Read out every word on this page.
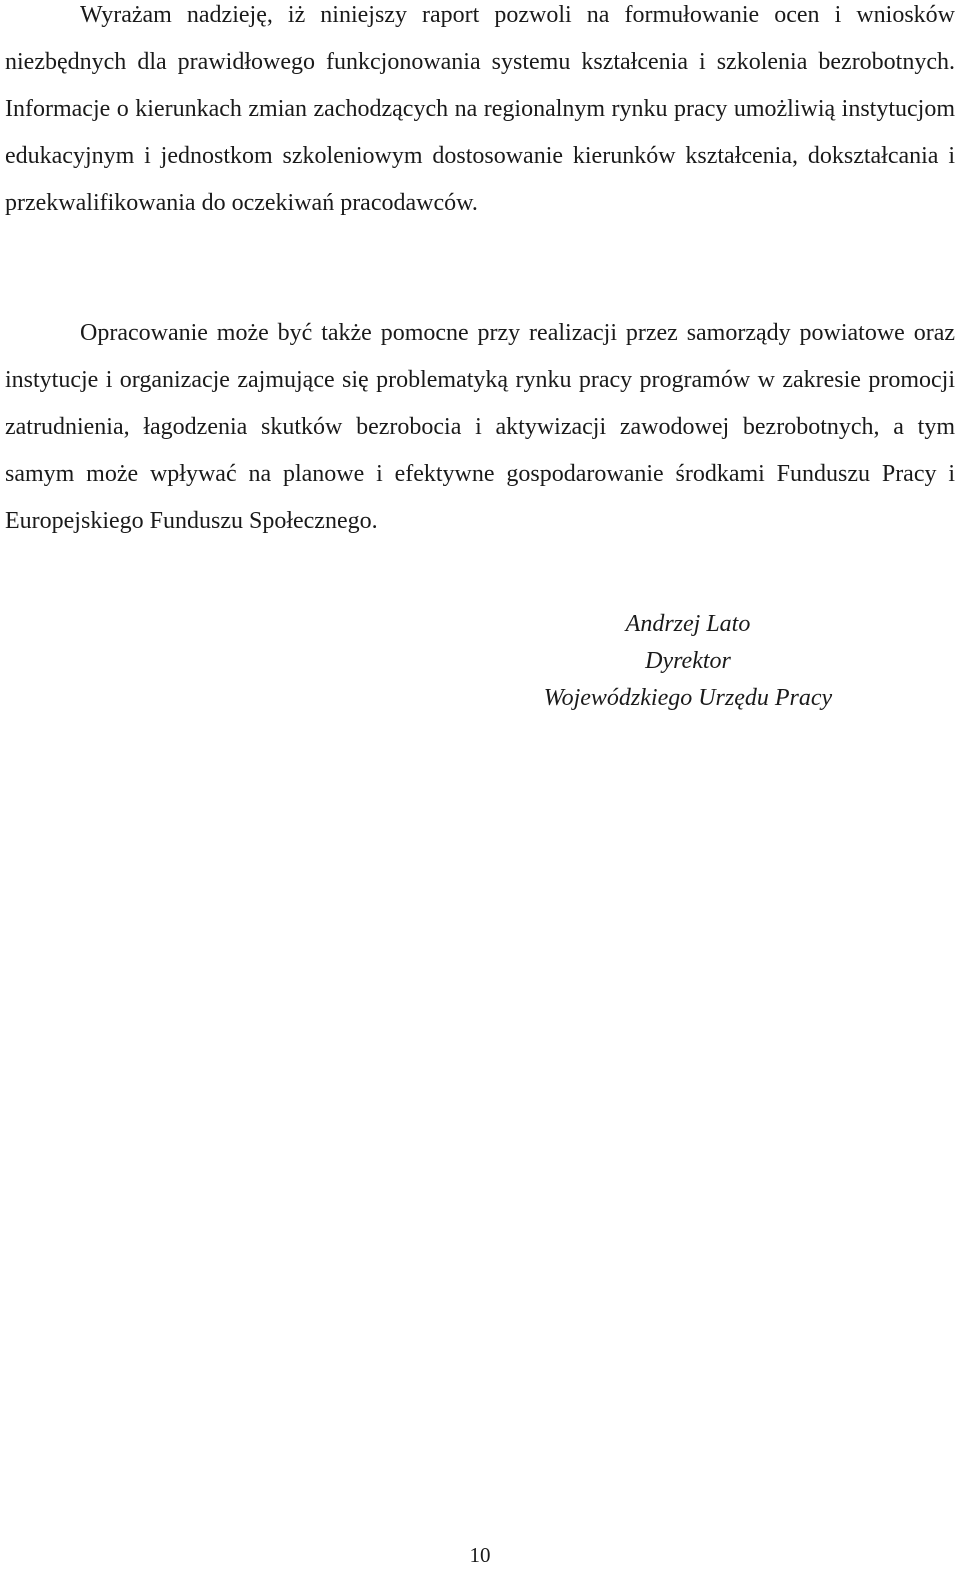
Wyrażam nadzieję, iż niniejszy raport pozwoli na formułowanie ocen i wniosków niezbędnych dla prawidłowego funkcjonowania systemu kształcenia i szkolenia bezrobotnych. Informacje o kierunkach zmian zachodzących na regionalnym rynku pracy umożliwią instytucjom edukacyjnym i jednostkom szkoleniowym dostosowanie kierunków kształcenia, dokształcania i przekwalifikowania do oczekiwań pracodawców.

Opracowanie może być także pomocne przy realizacji przez samorządy powiatowe oraz instytucje i organizacje zajmujące się problematyką rynku pracy programów w zakresie promocji zatrudnienia, łagodzenia skutków bezrobocia i aktywizacji zawodowej bezrobotnych, a tym samym może wpływać na planowe i efektywne gospodarowanie środkami Funduszu Pracy i Europejskiego Funduszu Społecznego.

Andrzej Lato
Dyrektor
Wojewódzkiego Urzędu Pracy
10
